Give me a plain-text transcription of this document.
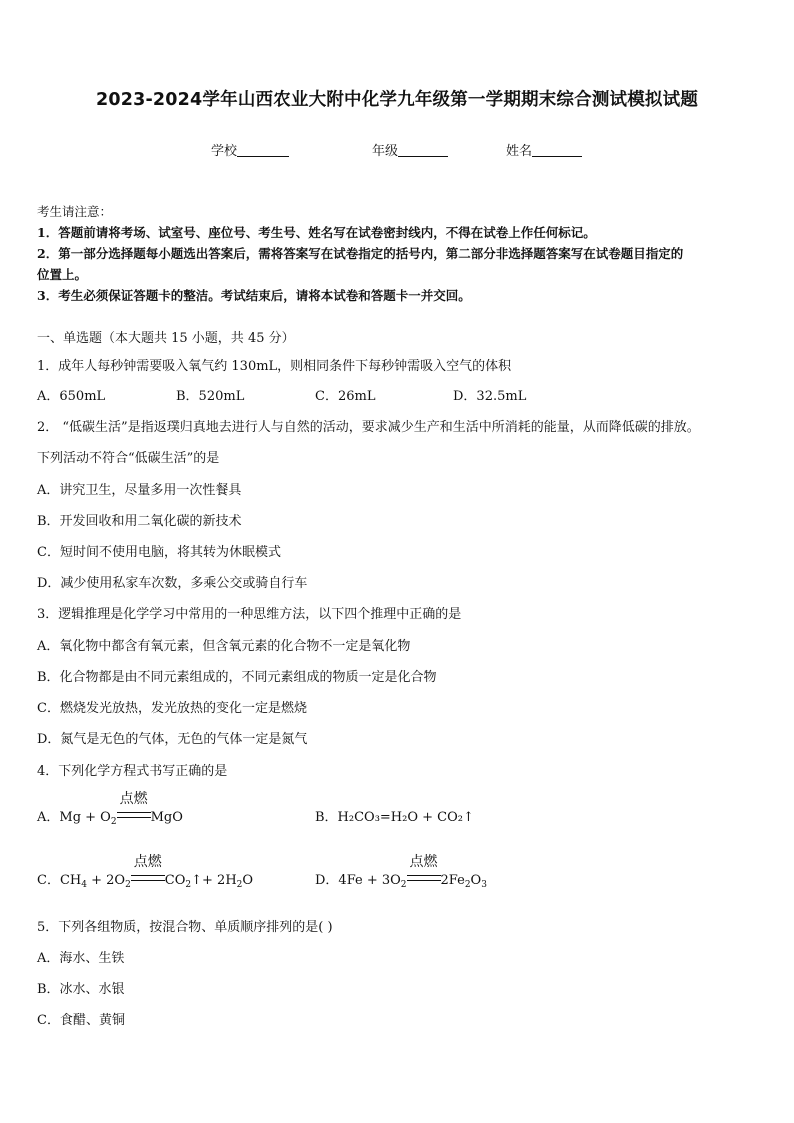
2023-2024学年山西农业大附中化学九年级第一学期期末综合测试模拟试题
学校	年级	姓名
考生请注意：
1．答题前请将考场、试室号、座位号、考生号、姓名写在试卷密封线内，不得在试卷上作任何标记。
2．第一部分选择题每小题选出答案后，需将答案写在试卷指定的括号内，第二部分非选择题答案写在试卷题目指定的
位置上。
3．考生必须保证答题卡的整洁。考试结束后，请将本试卷和答题卡一并交回。
一、单选题（本大题共 15 小题，共 45 分）
1．成年人每秒钟需要吸入氧气约 130mL，则相同条件下每秒钟需吸入空气的体积
A．650mL	B．520mL	C．26mL	D．32.5mL
2． “低碳生活”是指返璞归真地去进行人与自然的活动，要求减少生产和生活中所消耗的能量，从而降低碳的排放。
下列活动不符合“低碳生活”的是
A．讲究卫生，尽量多用一次性餐具
B．开发回收和用二氧化碳的新技术
C．短时间不使用电脑，将其转为休眠模式
D．减少使用私家车次数，多乘公交或骑自行车
3．逻辑推理是化学学习中常用的一种思维方法，以下四个推理中正确的是
A．氧化物中都含有氧元素，但含氧元素的化合物不一定是氧化物
B．化合物都是由不同元素组成的，不同元素组成的物质一定是化合物
C．燃烧发光放热，发光放热的变化一定是燃烧
D．氮气是无色的气体，无色的气体一定是氮气
4．下列化学方程式书写正确的是
A．$Mg + O_2$
点燃
MgO	B．H₂CO₃=H₂O + CO₂↑
C．$CH_4 + 2O_2$
点燃
$CO_2↑+ 2H_2O$	D．$4Fe + 3O_2$
点燃
$2Fe_2O_3$
5．下列各组物质，按混合物、单质顺序排列的是( )
A．海水、生铁
B．冰水、水银
C．食醋、黄铜
